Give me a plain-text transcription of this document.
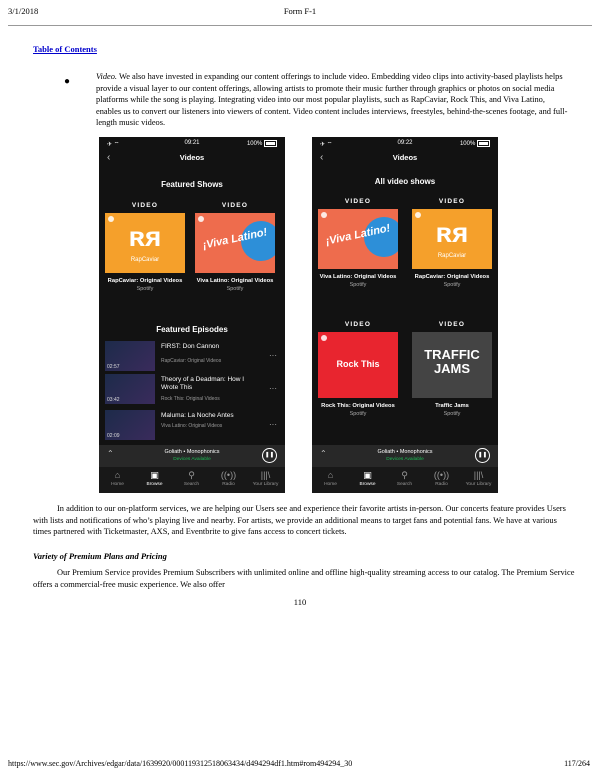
3/1/2018	Form F-1
Table of Contents
●	Video. We also have invested in expanding our content offerings to include video. Embedding video clips into activity-based playlists helps provide a visual layer to our content offerings, allowing artists to promote their music further through graphics or photos on social media platforms while the song is playing. Integrating video into our most popular playlists, such as RapCaviar, Rock This, and Viva Latino, enables us to convert our listeners into viewers of content. Video content includes interviews, freestyles, behind-the-scenes footage, and full-length music videos.
✈ ︎⌔	09:21	100%
‹	Videos
Featured Shows
VIDEO
ʀᴙ
RapCaviar
RapCaviar: Original Videos
Spotify
VIDEO
¡Viva Latino!
Viva Latino: Original Videos
Spotify
Featured Episodes
02:57
FIRST: Don Cannon
RapCaviar: Original Videos
···
03:42
Theory of a Deadman: How I Wrote This
Rock This: Original Videos
···
02:09
Maluma: La Noche Antes
Viva Latino: Original Videos	···
⌃	Goliath • Monophonics
Devices Available
❚❚
⌂
Home
▣
Browse
⚲
Search
((•))
Radio
|||\
Your Library
✈ ︎⌔	09:22	100%
‹	Videos
All video shows
VIDEO
¡Viva Latino!
Viva Latino: Original Videos
Spotify
VIDEO
ʀᴙ
RapCaviar
RapCaviar: Original Videos
Spotify
VIDEO
Rock This
Rock This: Original Videos
Spotify
VIDEO
TRAFFIC JAMS
Traffic Jams
Spotify
⌃	Goliath • Monophonics
Devices Available
❚❚
⌂
Home
▣
Browse
⚲
Search
((•))
Radio
|||\
Your Library
In addition to our on-platform services, we are helping our Users see and experience their favorite artists in-person. Our concerts feature provides Users with lists and notifications of who’s playing live and nearby. For artists, we provide an additional means to target fans and potential fans. We have at various times partnered with Ticketmaster, AXS, and Eventbrite to give fans access to concert tickets.
Variety of Premium Plans and Pricing
Our Premium Service provides Premium Subscribers with unlimited online and offline high-quality streaming access to our catalog. The Premium Service offers a commercial-free music experience. We also offer
110
https://www.sec.gov/Archives/edgar/data/1639920/000119312518063434/d494294df1.htm#rom494294_30	117/264
